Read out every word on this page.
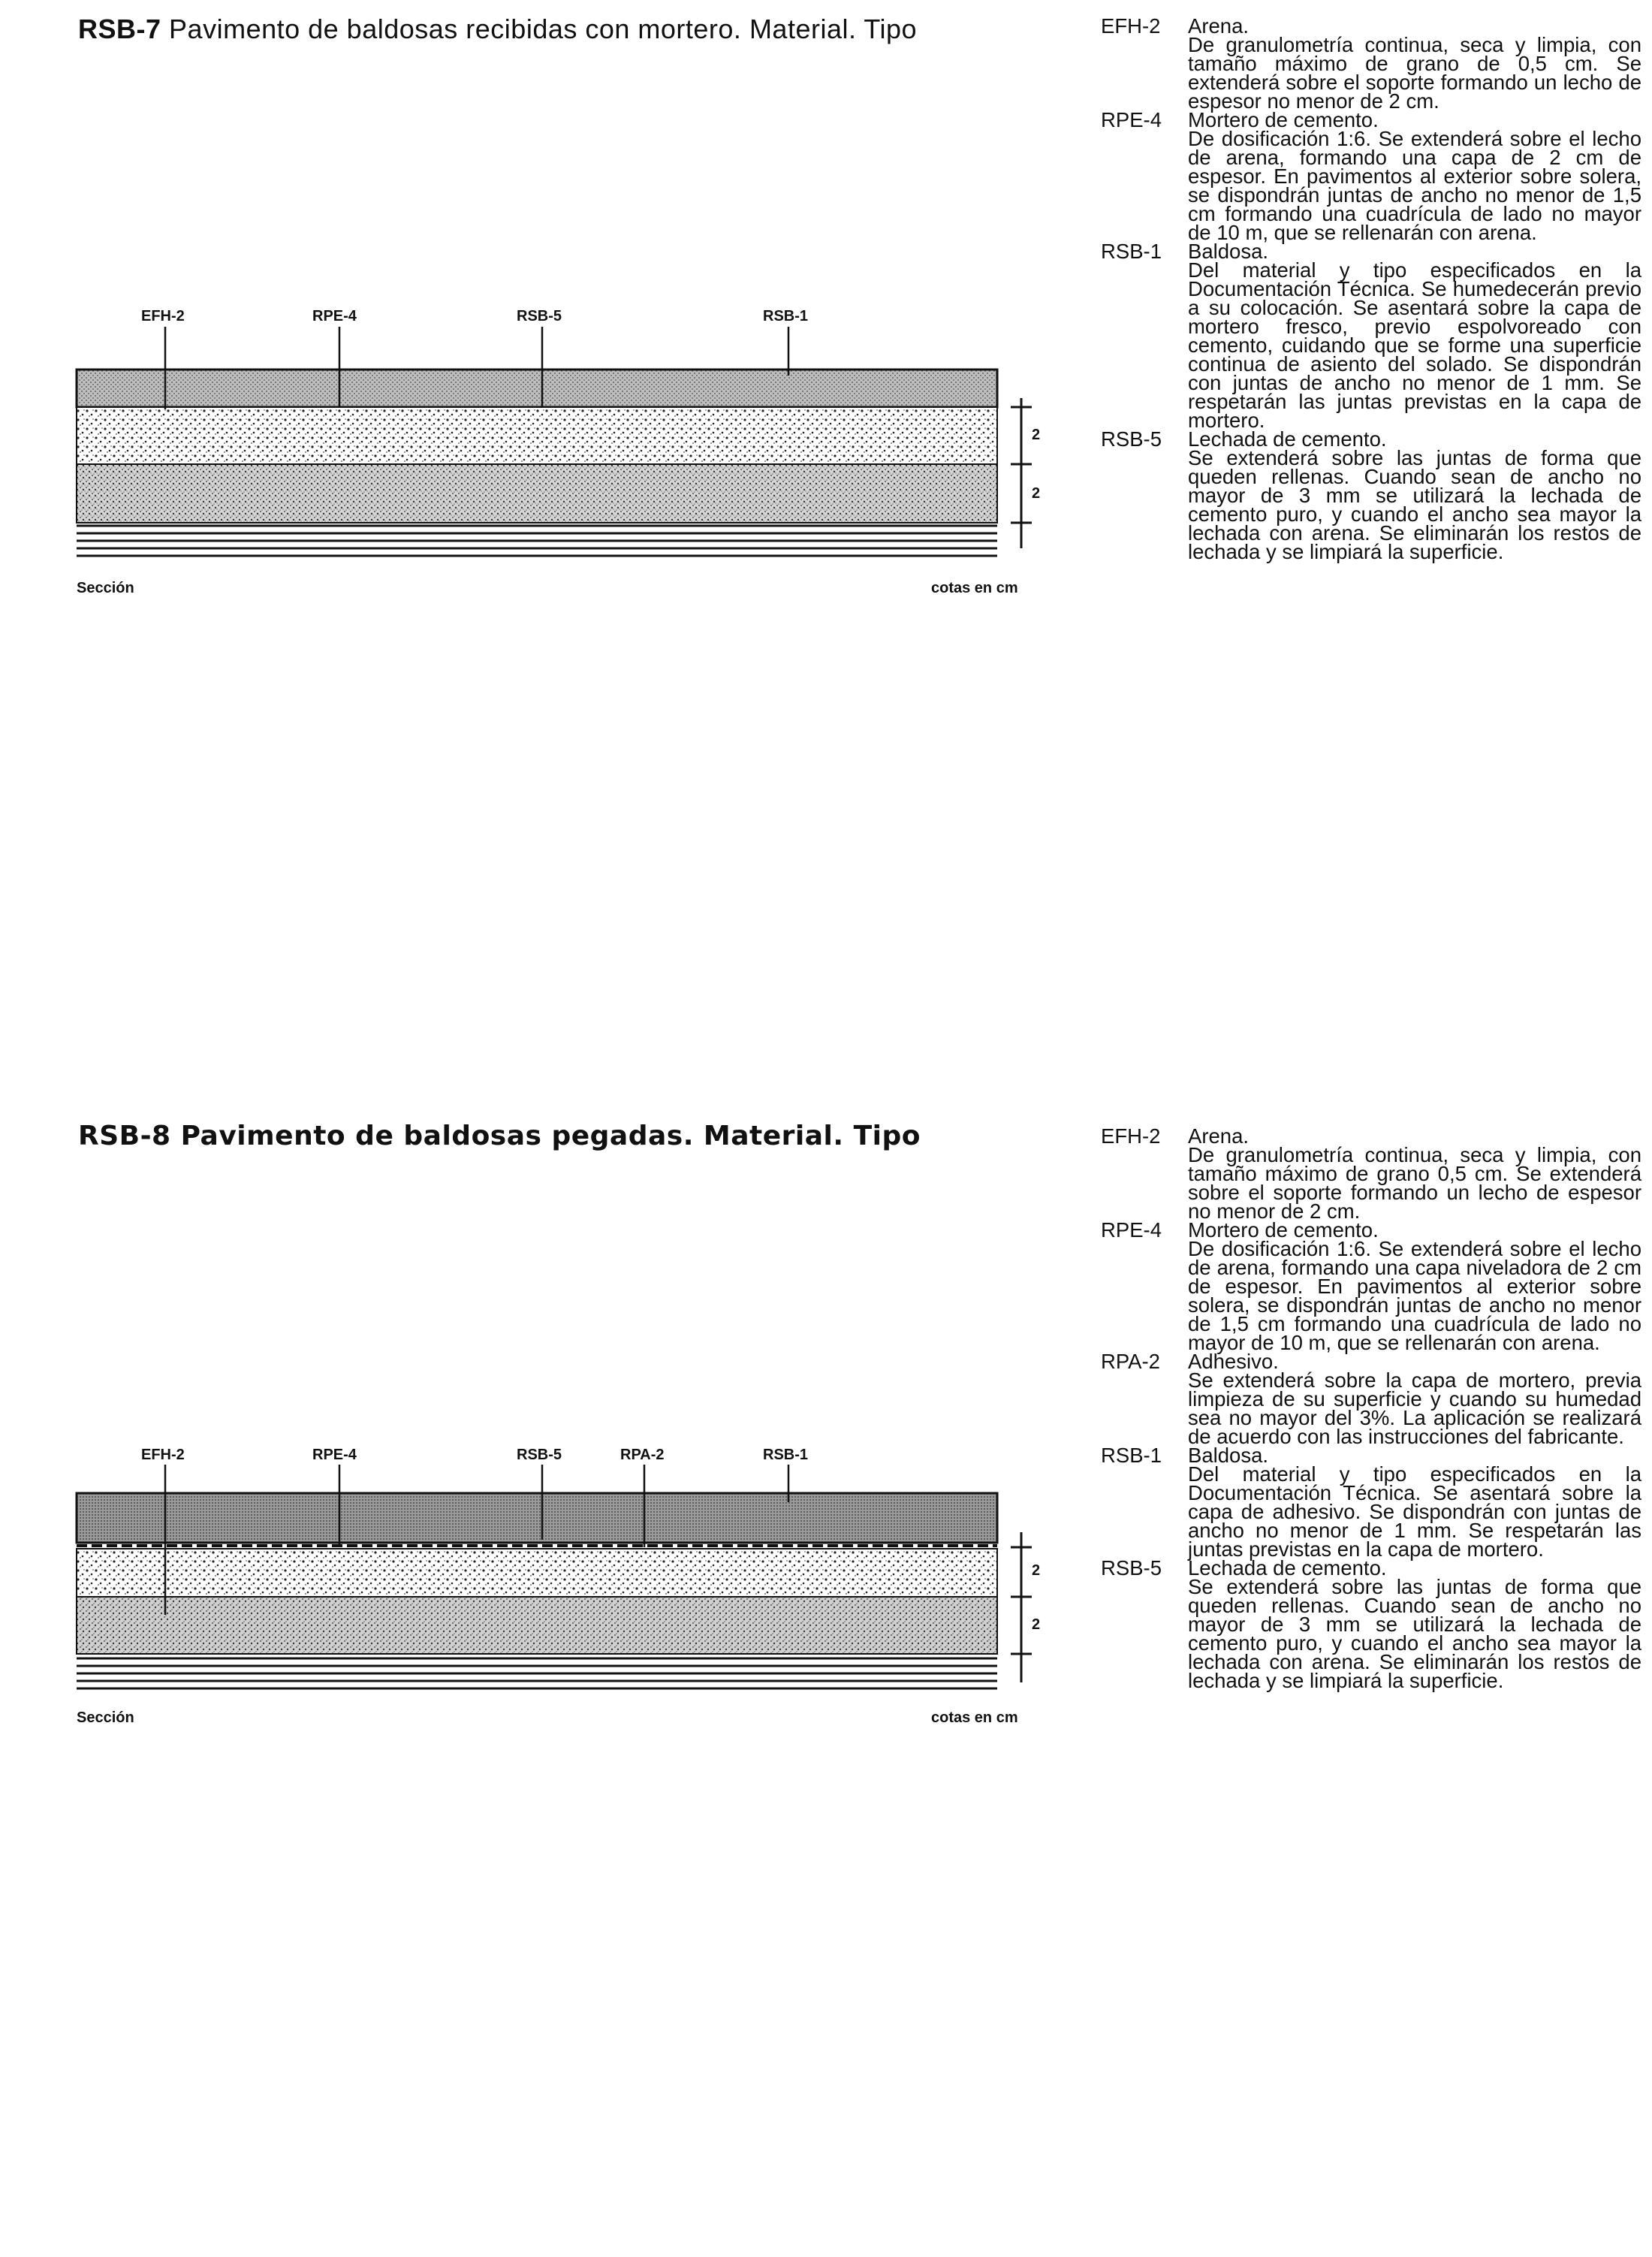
RSB-7 Pavimento de baldosas recibidas con mortero. Material. Tipo
EFH-2	RPE-4	RSB-5	RSB-1
2
2
Sección	cotas en cm
EFH-2	Arena.
De granulometría continua, seca y limpia, con tamaño máximo de grano de 0,5 cm. Se extenderá sobre el soporte formando un lecho de espesor no menor de 2 cm.
RPE-4	Mortero de cemento.
De dosificación 1:6. Se extenderá sobre el lecho de arena, formando una capa de 2 cm de espesor. En pavimentos al exterior sobre solera, se dispondrán juntas de ancho no menor de 1,5 cm formando una cuadrícula de lado no mayor de 10 m, que se rellenarán con arena.
RSB-1	Baldosa.
Del material y tipo especificados en la Documentación Técnica. Se humedecerán previo a su colocación. Se asentará sobre la capa de mortero fresco, previo espolvoreado con cemento, cuidando que se forme una superficie continua de asiento del solado. Se dispondrán con juntas de ancho no menor de 1 mm. Se respetarán las juntas previstas en la capa de mortero.
RSB-5	Lechada de cemento.
Se extenderá sobre las juntas de forma que queden rellenas. Cuando sean de ancho no mayor de 3 mm se utilizará la lechada de cemento puro, y cuando el ancho sea mayor la lechada con arena. Se eliminarán los restos de lechada y se limpiará la superficie.
RSB-8 Pavimento de baldosas pegadas. Material. Tipo
EFH-2	RPE-4	RSB-5	RPA-2	RSB-1
2
2
Sección	cotas en cm
EFH-2	Arena.
De granulometría continua, seca y limpia, con tamaño máximo de grano 0,5 cm. Se extenderá sobre el soporte formando un lecho de espesor no menor de 2 cm.
RPE-4	Mortero de cemento.
De dosificación 1:6. Se extenderá sobre el lecho de arena, formando una capa niveladora de 2 cm de espesor. En pavimentos al exterior sobre solera, se dispondrán juntas de ancho no menor de 1,5 cm formando una cuadrícula de lado no mayor de 10 m, que se rellenarán con arena.
RPA-2	Adhesivo.
Se extenderá sobre la capa de mortero, previa limpieza de su superficie y cuando su humedad sea no mayor del 3%. La aplicación se realizará de acuerdo con las instrucciones del fabricante.
RSB-1	Baldosa.
Del material y tipo especificados en la Documentación Técnica. Se asentará sobre la capa de adhesivo. Se dispondrán con juntas de ancho no menor de 1 mm. Se respetarán las juntas previstas en la capa de mortero.
RSB-5	Lechada de cemento.
Se extenderá sobre las juntas de forma que queden rellenas. Cuando sean de ancho no mayor de 3 mm se utilizará la lechada de cemento puro, y cuando el ancho sea mayor la lechada con arena. Se eliminarán los restos de lechada y se limpiará la superficie.
